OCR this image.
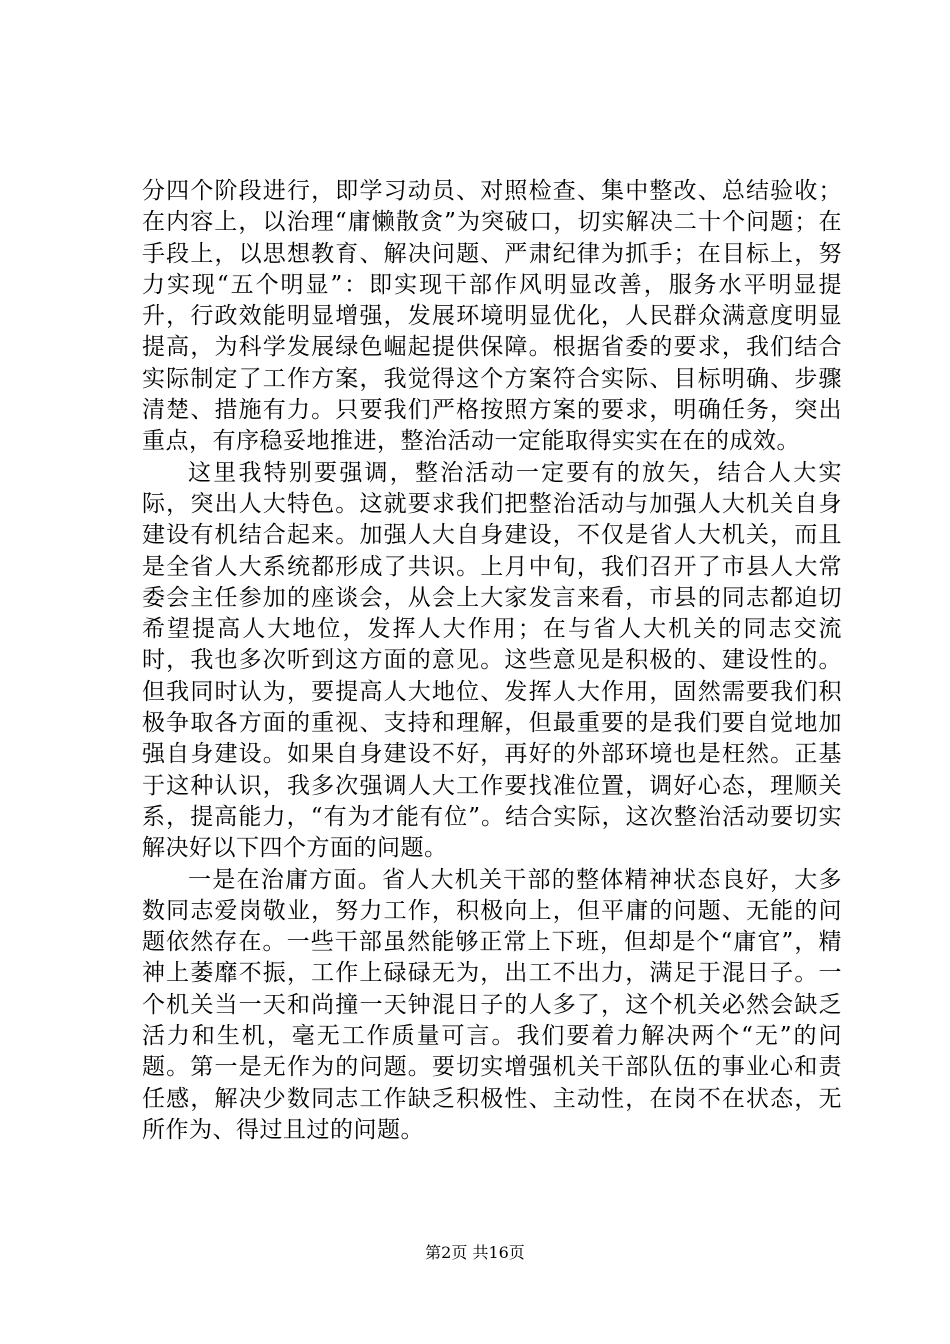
分四个阶段进行，即学习动员、对照检查、集中整改、总结验收；在内容上，以治理“庸懒散贪”为突破口，切实解决二十个问题；在手段上，以思想教育、解决问题、严肃纪律为抓手；在目标上，努力实现“五个明显”：即实现干部作风明显改善，服务水平明显提升，行政效能明显增强，发展环境明显优化，人民群众满意度明显提高，为科学发展绿色崛起提供保障。根据省委的要求，我们结合实际制定了工作方案，我觉得这个方案符合实际、目标明确、步骤清楚、措施有力。只要我们严格按照方案的要求，明确任务，突出重点，有序稳妥地推进，整治活动一定能取得实实在在的成效。

这里我特别要强调，整治活动一定要有的放矢，结合人大实际，突出人大特色。这就要求我们把整治活动与加强人大机关自身建设有机结合起来。加强人大自身建设，不仅是省人大机关，而且是全省人大系统都形成了共识。上月中旬，我们召开了市县人大常委会主任参加的座谈会，从会上大家发言来看，市县的同志都迫切希望提高人大地位，发挥人大作用；在与省人大机关的同志交流时，我也多次听到这方面的意见。这些意见是积极的、建设性的。但我同时认为，要提高人大地位、发挥人大作用，固然需要我们积极争取各方面的重视、支持和理解，但最重要的是我们要自觉地加强自身建设。如果自身建设不好，再好的外部环境也是枉然。正基于这种认识，我多次强调人大工作要找准位置，调好心态，理顺关系，提高能力，“有为才能有位”。结合实际，这次整治活动要切实解决好以下四个方面的问题。

一是在治庸方面。省人大机关干部的整体精神状态良好，大多数同志爱岗敬业，努力工作，积极向上，但平庸的问题、无能的问题依然存在。一些干部虽然能够正常上下班，但却是个“庸官”，精神上萎靡不振，工作上碌碌无为，出工不出力，满足于混日子。一个机关当一天和尚撞一天钟混日子的人多了，这个机关必然会缺乏活力和生机，毫无工作质量可言。我们要着力解决两个“无”的问题。第一是无作为的问题。要切实增强机关干部队伍的事业心和责任感，解决少数同志工作缺乏积极性、主动性，在岗不在状态，无所作为、得过且过的问题。

第2页 共16页
